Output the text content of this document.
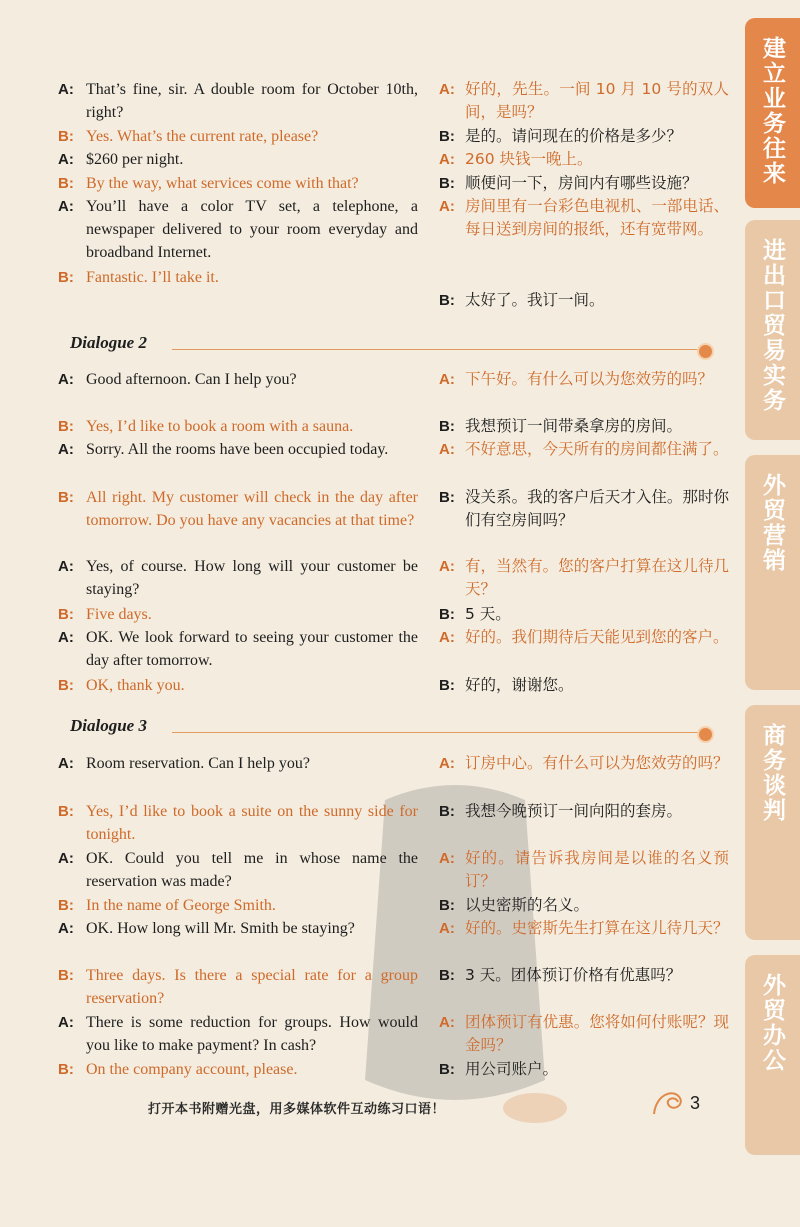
A: That’s fine, sir. A double room for October 10th, right?
A: 好的，先生。一间 10 月 10 号的双人间，是吗？
B: Yes. What’s the current rate, please?	B: 是的。请问现在的价格是多少？
A: $260 per night.	A: 260 块钱一晚上。
B: By the way, what services come with that?	B: 顺便问一下，房间内有哪些设施？
A: You’ll have a color TV set, a telephone, a newspaper delivered to your room everyday and broadband Internet.
A: 房间里有一台彩色电视机、一部电话、每日送到房间的报纸，还有宽带网。
B: Fantastic. I’ll take it.
B: 太好了。我订一间。
Dialogue 2
A: Good afternoon. Can I help you?	A: 下午好。有什么可以为您效劳的吗？
B: Yes, I’d like to book a room with a sauna.	B: 我想预订一间带桑拿房的房间。
A: Sorry. All the rooms have been occupied today.	A: 不好意思，今天所有的房间都住满了。
B: All right. My customer will check in the day after tomorrow. Do you have any vacancies at that time?
B: 没关系。我的客户后天才入住。那时你们有空房间吗？
A: Yes, of course. How long will your customer be staying?
A: 有，当然有。您的客户打算在这儿待几天？
B: Five days.	B: 5 天。
A: OK. We look forward to seeing your customer the day after tomorrow.
A: 好的。我们期待后天能见到您的客户。
B: OK, thank you.	B: 好的，谢谢您。
Dialogue 3
A: Room reservation. Can I help you?	A: 订房中心。有什么可以为您效劳的吗？
B: Yes, I’d like to book a suite on the sunny side for tonight.
B: 我想今晚预订一间向阳的套房。
A: OK. Could you tell me in whose name the reservation was made?
A: 好的。请告诉我房间是以谁的名义预订？
B: In the name of George Smith.	B: 以史密斯的名义。
A: OK. How long will Mr. Smith be staying?	A: 好的。史密斯先生打算在这儿待几天？
B: Three days. Is there a special rate for a group reservation?
B: 3 天。团体预订价格有优惠吗？
A: There is some reduction for groups. How would you like to make payment? In cash?
A: 团体预订有优惠。您将如何付账呢？现金吗？
B: On the company account, please.	B: 用公司账户。
打开本书附赠光盘，用多媒体软件互动练习口语！	3
建立业务往来
进出口贸易实务
外贸营销
商务谈判
外贸办公
